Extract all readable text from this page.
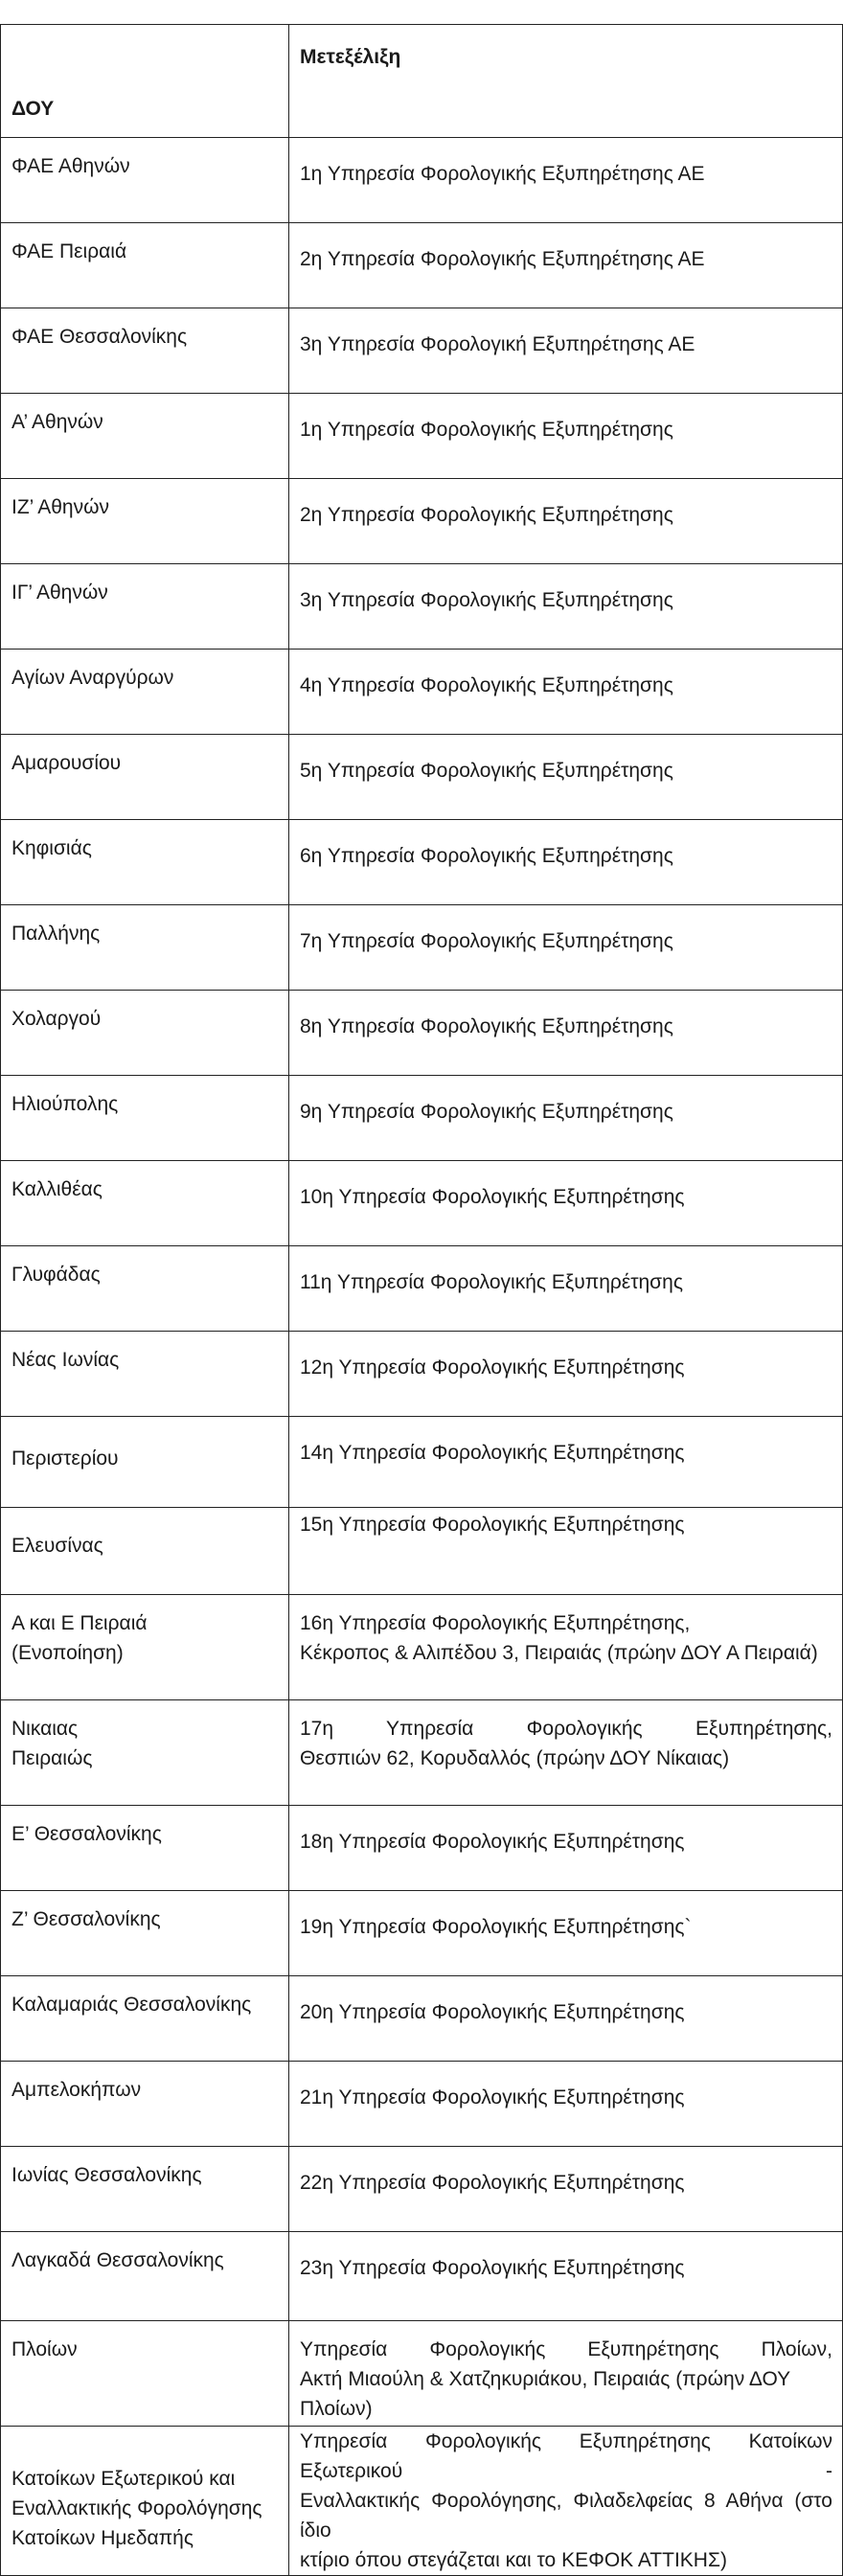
ΔΟΥ	Μετεξέλιξη
ΦΑΕ Αθηνών	1η Υπηρεσία Φορολογικής Εξυπηρέτησης ΑΕ
ΦΑΕ Πειραιά	2η Υπηρεσία Φορολογικής Εξυπηρέτησης ΑΕ
ΦΑΕ Θεσσαλονίκης	3η Υπηρεσία Φορολογική Εξυπηρέτησης ΑΕ
Α’ Αθηνών	1η Υπηρεσία Φορολογικής Εξυπηρέτησης
ΙΖ’ Αθηνών	2η Υπηρεσία Φορολογικής Εξυπηρέτησης
ΙΓ’ Αθηνών	3η Υπηρεσία Φορολογικής Εξυπηρέτησης
Αγίων Αναργύρων	4η Υπηρεσία Φορολογικής Εξυπηρέτησης
Αμαρουσίου	5η Υπηρεσία Φορολογικής Εξυπηρέτησης
Κηφισιάς	6η Υπηρεσία Φορολογικής Εξυπηρέτησης
Παλλήνης	7η Υπηρεσία Φορολογικής Εξυπηρέτησης
Χολαργού	8η Υπηρεσία Φορολογικής Εξυπηρέτησης
Ηλιούπολης	9η Υπηρεσία Φορολογικής Εξυπηρέτησης
Καλλιθέας	10η Υπηρεσία Φορολογικής Εξυπηρέτησης
Γλυφάδας	11η Υπηρεσία Φορολογικής Εξυπηρέτησης
Νέας Ιωνίας	12η Υπηρεσία Φορολογικής Εξυπηρέτησης
Περιστερίου	14η Υπηρεσία Φορολογικής Εξυπηρέτησης
Ελευσίνας	15η Υπηρεσία Φορολογικής Εξυπηρέτησης

Α και Ε Πειραιά
(Ενοποίηση)	16η Υπηρεσία Φορολογικής Εξυπηρέτησης,
Κέκροπος & Αλιπέδου 3, Πειραιάς (πρώην ΔΟΥ Α Πειραιά)

Νικαιας Πειραιώς	17η Υπηρεσία Φορολογικής Εξυπηρέτησης,
Θεσπιών 62, Κορυδαλλός (πρώην ΔΟΥ Νίκαιας)

Ε’ Θεσσαλονίκης	18η Υπηρεσία Φορολογικής Εξυπηρέτησης
Ζ’ Θεσσαλονίκης	19η Υπηρεσία Φορολογικής Εξυπηρέτησης`
Καλαμαριάς Θεσσαλονίκης	20η Υπηρεσία Φορολογικής Εξυπηρέτησης
Αμπελοκήπων	21η Υπηρεσία Φορολογικής Εξυπηρέτησης
Ιωνίας Θεσσαλονίκης	22η Υπηρεσία Φορολογικής Εξυπηρέτησης
Λαγκαδά Θεσσαλονίκης	23η Υπηρεσία Φορολογικής Εξυπηρέτησης
Πλοίων	Υπηρεσία Φορολογικής Εξυπηρέτησης Πλοίων,
Ακτή Μιαούλη & Χατζηκυριάκου, Πειραιάς (πρώην ΔΟΥ Πλοίων)

Κατοίκων Εξωτερικού και
Εναλλακτικής Φορολόγησης
Κατοίκων Ημεδαπής	Υπηρεσία Φορολογικής Εξυπηρέτησης Κατοίκων Εξωτερικού -
Εναλλακτικής Φορολόγησης, Φιλαδελφείας 8 Αθήνα (στο ίδιο
κτίριο όπου στεγάζεται και το ΚΕΦΟΚ ΑΤΤΙΚΗΣ)
